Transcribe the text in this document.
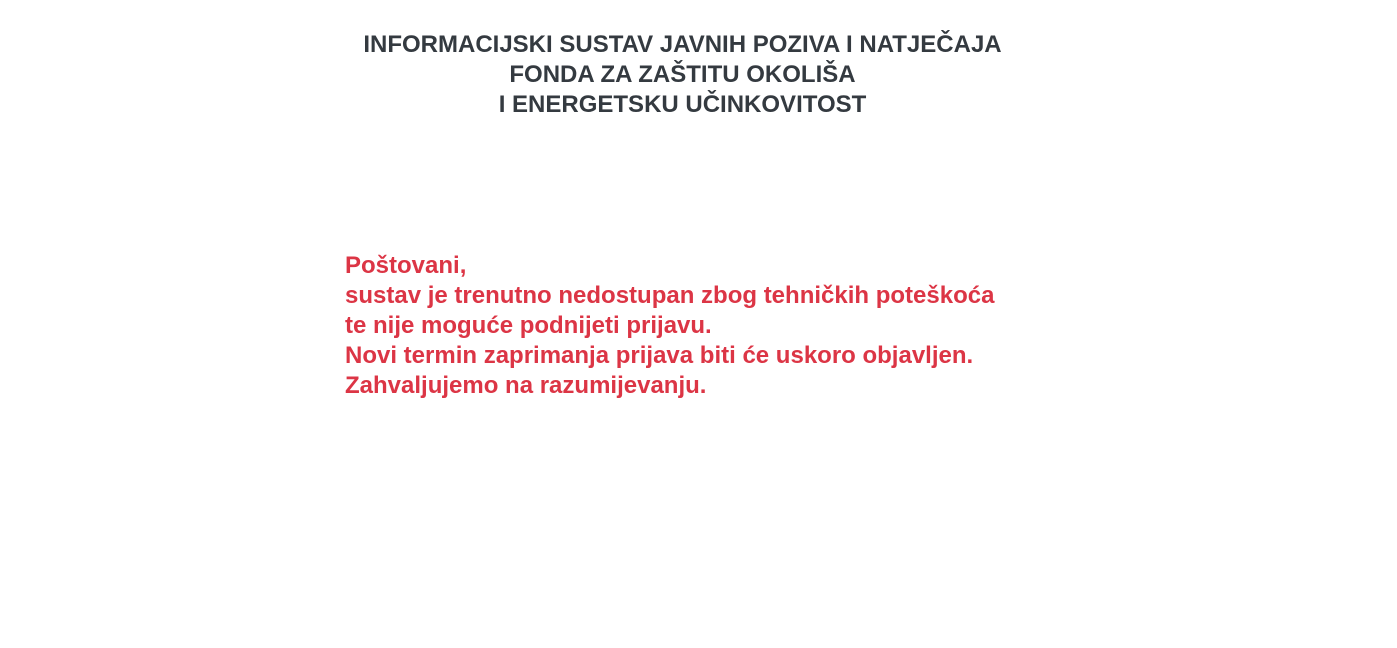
INFORMACIJSKI SUSTAV JAVNIH POZIVA I NATJEČAJA
FONDA ZA ZAŠTITU OKOLIŠA
I ENERGETSKU UČINKOVITOST
Poštovani,
sustav je trenutno nedostupan zbog tehničkih poteškoća
te nije moguće podnijeti prijavu.
Novi termin zaprimanja prijava biti će uskoro objavljen.
Zahvaljujemo na razumijevanju.
